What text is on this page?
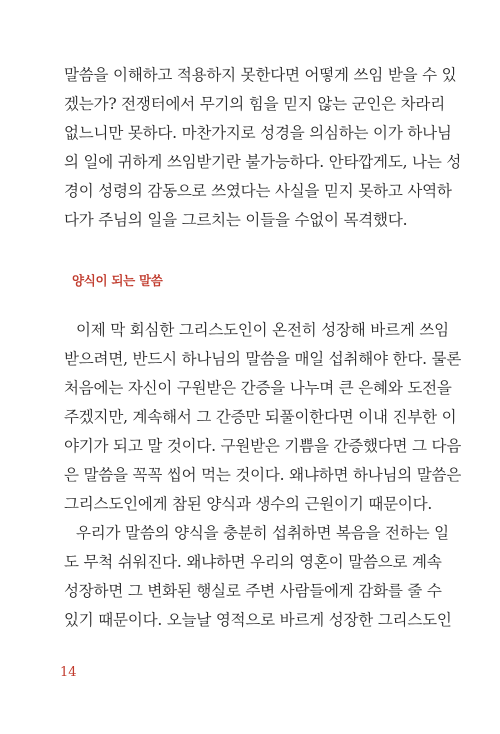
말씀을 이해하고 적용하지 못한다면 어떻게 쓰임 받을 수 있
겠는가? 전쟁터에서 무기의 힘을 믿지 않는 군인은 차라리
없느니만 못하다. 마찬가지로 성경을 의심하는 이가 하나님
의 일에 귀하게 쓰임받기란 불가능하다. 안타깝게도, 나는 성
경이 성령의 감동으로 쓰였다는 사실을 믿지 못하고 사역하
다가 주님의 일을 그르치는 이들을 수없이 목격했다.
양식이 되는 말씀
이제 막 회심한 그리스도인이 온전히 성장해 바르게 쓰임
받으려면, 반드시 하나님의 말씀을 매일 섭취해야 한다. 물론
처음에는 자신이 구원받은 간증을 나누며 큰 은혜와 도전을
주겠지만, 계속해서 그 간증만 되풀이한다면 이내 진부한 이
야기가 되고 말 것이다. 구원받은 기쁨을 간증했다면 그 다음
은 말씀을 꼭꼭 씹어 먹는 것이다. 왜냐하면 하나님의 말씀은
그리스도인에게 참된 양식과 생수의 근원이기 때문이다.
우리가 말씀의 양식을 충분히 섭취하면 복음을 전하는 일
도 무척 쉬워진다. 왜냐하면 우리의 영혼이 말씀으로 계속
성장하면 그 변화된 행실로 주변 사람들에게 감화를 줄 수
있기 때문이다. 오늘날 영적으로 바르게 성장한 그리스도인
14
